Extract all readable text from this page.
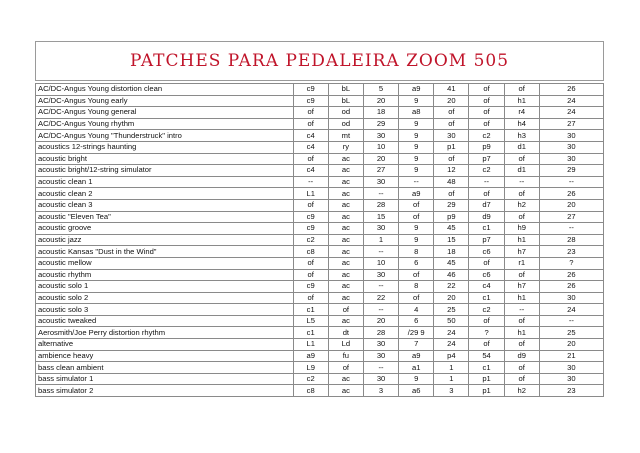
PATCHES PARA PEDALEIRA ZOOM 505
AC/DC-Angus Young distortion clean	c9	bL	5	a9	41	of	of	26
AC/DC-Angus Young early	c9	bL	20	9	20	of	h1	24
AC/DC-Angus Young general	of	od	18	a8	of	of	r4	24
AC/DC-Angus Young rhythm	of	od	29	9	of	of	h4	27
AC/DC-Angus Young "Thunderstruck" intro	c4	mt	30	9	30	c2	h3	30
acoustics 12-strings haunting	c4	ry	10	9	p1	p9	d1	30
acoustic bright	of	ac	20	9	of	p7	of	30
acoustic bright/12-string simulator	c4	ac	27	9	12	c2	d1	29
acoustic clean 1	--	ac	30	--	48	--	--	--
acoustic clean 2	L1	ac	--	a9	of	of	of	26
acoustic clean 3	of	ac	28	of	29	d7	h2	20
acoustic "Eleven Tea"	c9	ac	15	of	p9	d9	of	27
acoustic groove	c9	ac	30	9	45	c1	h9	--
acoustic jazz	c2	ac	1	9	15	p7	h1	28
acoustic Kansas "Dust in the Wind"	c8	ac	--	8	18	c6	h7	23
acoustic mellow	of	ac	10	6	45	of	r1	?
acoustic rhythm	of	ac	30	of	46	c6	of	26
acoustic solo 1	c9	ac	--	8	22	c4	h7	26
acoustic solo 2	of	ac	22	of	20	c1	h1	30
acoustic solo 3	c1	of	--	4	25	c2	--	24
acoustic tweaked	L5	ac	20	6	50	of	of	--
Aerosmith/Joe Perry distortion rhythm	c1	dt	28	/29 9	24	?	h1	25
alternative	L1	Ld	30	7	24	of	of	20
ambience heavy	a9	fu	30	a9	p4	54	d9	21
bass clean ambient	L9	of	--	a1	1	c1	of	30
bass simulator 1	c2	ac	30	9	1	p1	of	30
bass simulator 2	c8	ac	3	a6	3	p1	h2	23
